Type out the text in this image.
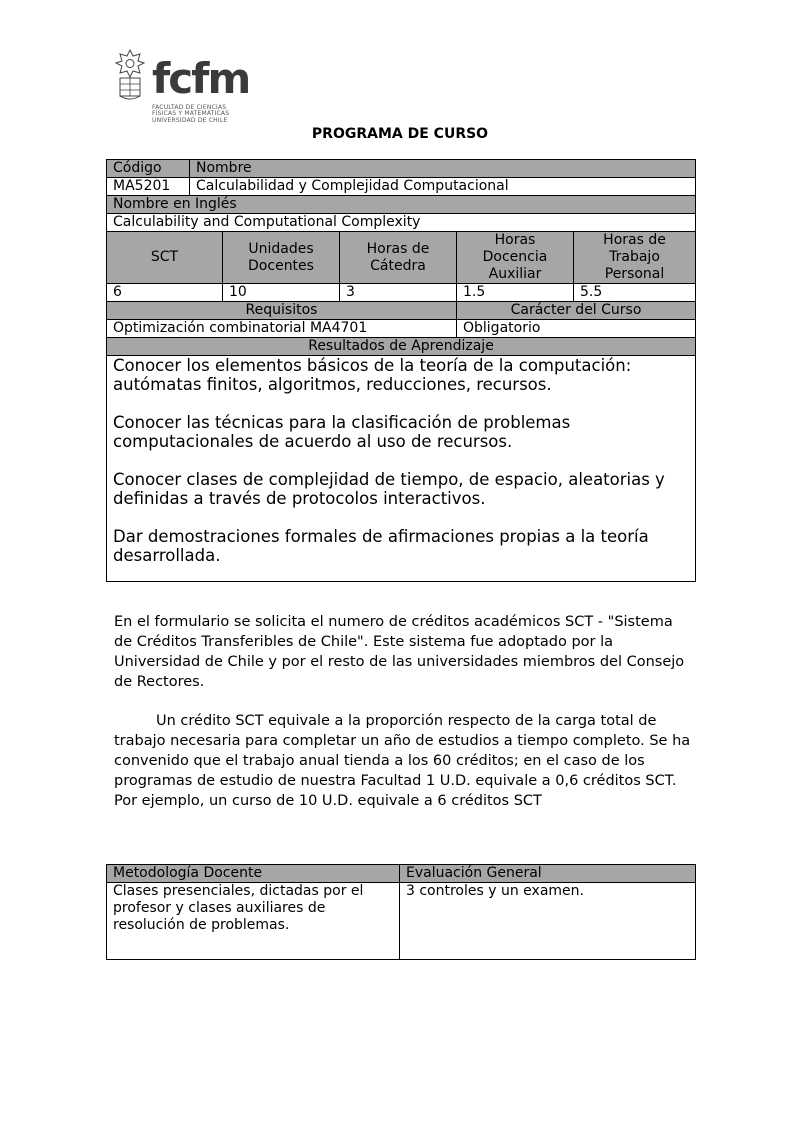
fcfm
FACULTAD DE CIENCIAS
FÍSICAS Y MATEMÁTICAS
UNIVERSIDAD DE CHILE
PROGRAMA DE CURSO
Código	Nombre				
MA5201	Calculabilidad y Complejidad Computacional				
Nombre en Inglés					
Calculability and Computational Complexity					
SCT		Unidades Docentes	Horas de Cátedra	Horas Docencia Auxiliar	Horas de Trabajo Personal
6		10	3	1.5	5.5
Requisitos				Carácter del Curso	
Optimización combinatorial MA4701				Obligatorio	
Resultados de Aprendizaje					

Conocer los elementos básicos de la teoría de la computación: autómatas finitos, algoritmos, reducciones, recursos.

Conocer las técnicas para la clasificación de problemas computacionales de acuerdo al uso de recursos.

Conocer clases de complejidad de tiempo, de espacio, aleatorias y definidas a través de protocolos interactivos.

Dar demostraciones formales de afirmaciones propias a la teoría desarrollada.					

En el formulario se solicita el numero de créditos académicos SCT - "Sistema de Créditos Transferibles de Chile". Este sistema fue adoptado por la Universidad de Chile y por el resto de las universidades miembros del Consejo de Rectores.

Un crédito SCT equivale a la proporción respecto de la carga total de trabajo necesaria para completar un año de estudios a tiempo completo. Se ha convenido que el trabajo anual tienda a los 60 créditos; en el caso de los programas de estudio de nuestra Facultad 1 U.D. equivale a 0,6 créditos SCT. Por ejemplo, un curso de 10 U.D. equivale a 6 créditos SCT

Metodología Docente	Evaluación General
Clases presenciales, dictadas por el profesor y clases auxiliares de resolución de problemas.	3 controles y un examen.
